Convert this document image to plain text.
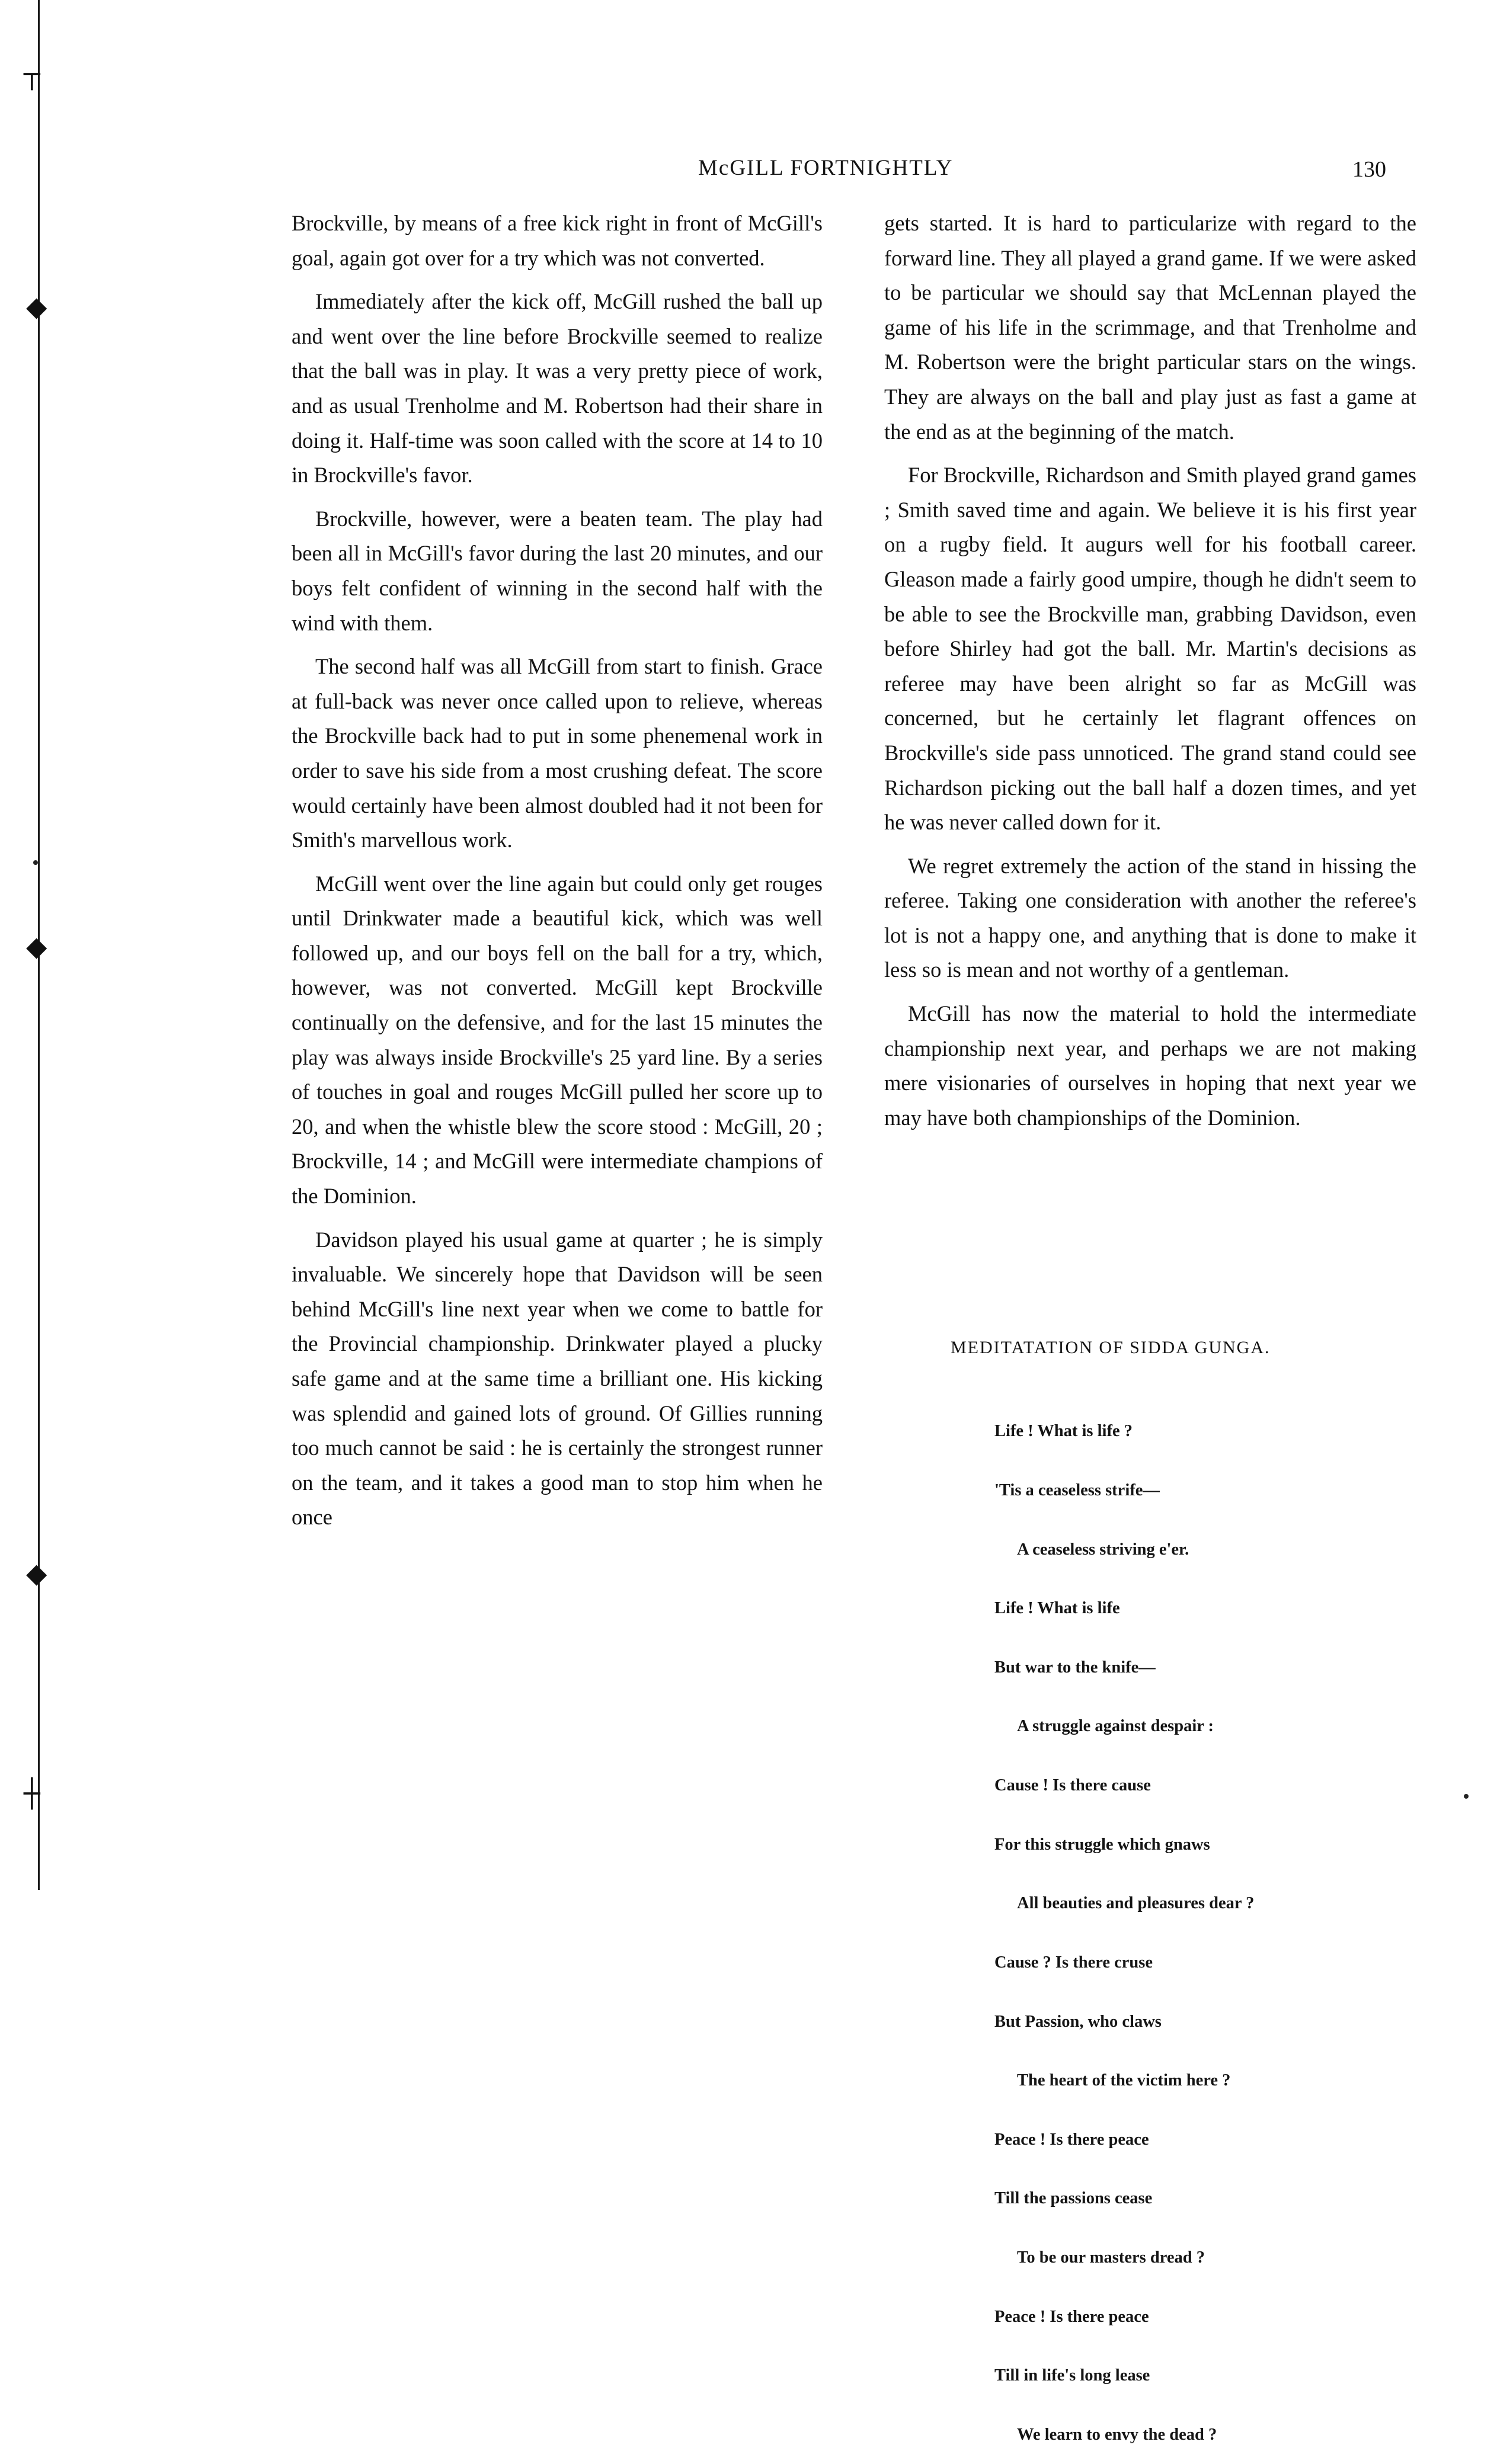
┬
◆
◆
◆
┼
McGILL FORTNIGHTLY	130

Brockville, by means of a free kick right in front of McGill's goal, again got over for a try which was not converted.

Immediately after the kick off, McGill rushed the ball up and went over the line before Brockville seemed to realize that the ball was in play. It was a very pretty piece of work, and as usual Trenholme and M. Robertson had their share in doing it. Half-time was soon called with the score at 14 to 10 in Brockville's favor.

Brockville, however, were a beaten team. The play had been all in McGill's favor during the last 20 minutes, and our boys felt confident of winning in the second half with the wind with them.

The second half was all McGill from start to finish. Grace at full-back was never once called upon to relieve, whereas the Brockville back had to put in some phenemenal work in order to save his side from a most crushing defeat. The score would certainly have been almost doubled had it not been for Smith's marvellous work.

McGill went over the line again but could only get rouges until Drinkwater made a beautiful kick, which was well followed up, and our boys fell on the ball for a try, which, however, was not converted. McGill kept Brockville continually on the defensive, and for the last 15 minutes the play was always inside Brockville's 25 yard line. By a series of touches in goal and rouges McGill pulled her score up to 20, and when the whistle blew the score stood : McGill, 20 ; Brockville, 14 ; and McGill were intermediate champions of the Dominion.

Davidson played his usual game at quarter ; he is simply invaluable. We sincerely hope that Davidson will be seen behind McGill's line next year when we come to battle for the Provincial championship. Drinkwater played a plucky safe game and at the same time a brilliant one. His kicking was splendid and gained lots of ground. Of Gillies running too much cannot be said : he is certainly the strongest runner on the team, and it takes a good man to stop him when he once

gets started. It is hard to particularize with regard to the forward line. They all played a grand game. If we were asked to be particular we should say that McLennan played the game of his life in the scrimmage, and that Trenholme and M. Robertson were the bright particular stars on the wings. They are always on the ball and play just as fast a game at the end as at the beginning of the match.

For Brockville, Richardson and Smith played grand games ; Smith saved time and again. We believe it is his first year on a rugby field. It augurs well for his football career. Gleason made a fairly good umpire, though he didn't seem to be able to see the Brockville man, grabbing Davidson, even before Shirley had got the ball. Mr. Martin's decisions as referee may have been alright so far as McGill was concerned, but he certainly let flagrant offences on Brockville's side pass unnoticed. The grand stand could see Richardson picking out the ball half a dozen times, and yet he was never called down for it.

We regret extremely the action of the stand in hissing the referee. Taking one consideration with another the referee's lot is not a happy one, and anything that is done to make it less so is mean and not worthy of a gentleman.

McGill has now the material to hold the intermediate championship next year, and perhaps we are not making mere visionaries of ourselves in hoping that next year we may have both championships of the Dominion.

MEDITATATION OF SIDDA GUNGA.

Life ! What is life ?

'Tis a ceaseless strife—

A ceaseless striving e'er.

Life ! What is life

But war to the knife—

A struggle against despair :

Cause ! Is there cause

For this struggle which gnaws

All beauties and pleasures dear ?

Cause ? Is there cruse

But Passion, who claws

The heart of the victim here ?

Peace ! Is there peace

Till the passions cease

To be our masters dread ?

Peace ! Is there peace

Till in life's long lease

We learn to envy the dead ?
